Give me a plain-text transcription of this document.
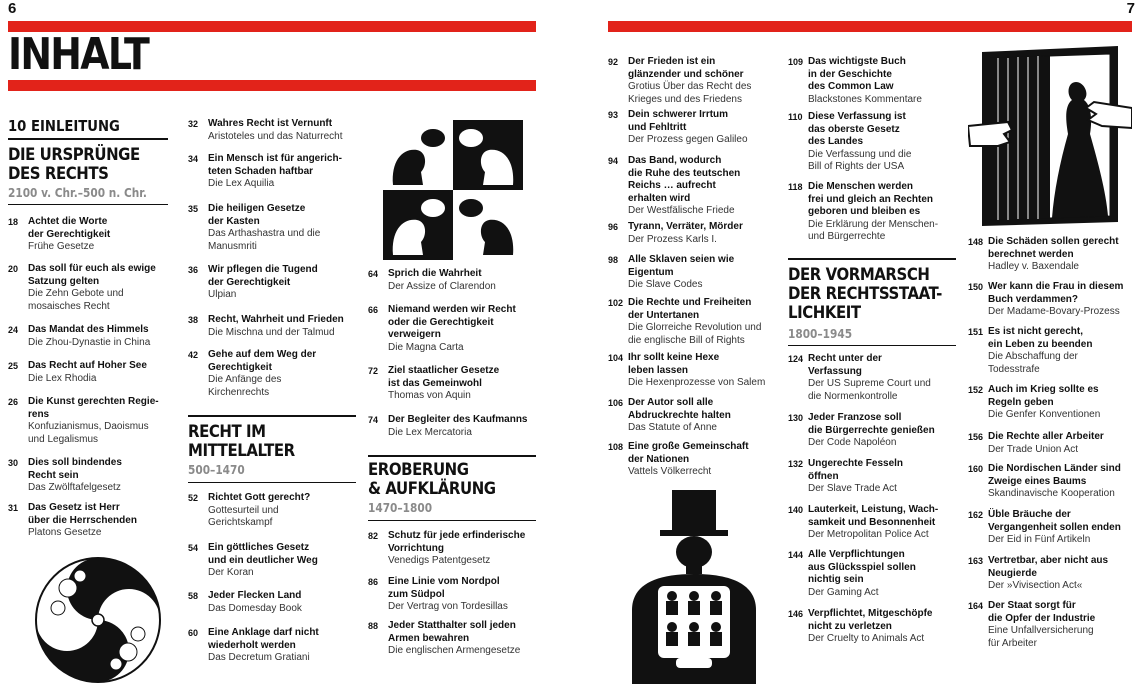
6	7
INHALT
10 EINLEITUNG
DIE URSPRÜNGE
DES RECHTS
2100 v. Chr.–500 n. Chr.
18 Achtet die Worte
der Gerechtigkeit
Frühe Gesetze
20 Das soll für euch als ewige
Satzung gelten
Die Zehn Gebote und
mosaisches Recht
24 Das Mandat des Himmels
Die Zhou-Dynastie in China
25 Das Recht auf Hoher See
Die Lex Rhodia
26 Die Kunst gerechten Regie-
rens
Konfuzianismus, Daoismus
und Legalismus
30 Dies soll bindendes
Recht sein
Das Zwölftafelgesetz
31 Das Gesetz ist Herr
über die Herrschenden
Platons Gesetze
32 Wahres Recht ist Vernunft
Aristoteles und das Naturrecht
34 Ein Mensch ist für angerich-
teten Schaden haftbar
Die Lex Aquilia
35 Die heiligen Gesetze
der Kasten
Das Arthashastra und die
Manusmriti
36 Wir pflegen die Tugend
der Gerechtigkeit
Ulpian
38 Recht, Wahrheit und Frieden
Die Mischna und der Talmud
42 Gehe auf dem Weg der
Gerechtigkeit
Die Anfänge des
Kirchenrechts
RECHT IM
MITTELALTER
500–1470
52 Richtet Gott gerecht?
Gottesurteil und
Gerichtskampf
54 Ein göttliches Gesetz
und ein deutlicher Weg
Der Koran
58 Jeder Flecken Land
Das Domesday Book
60 Eine Anklage darf nicht
wiederholt werden
Das Decretum Gratiani
64 Sprich die Wahrheit
Der Assize of Clarendon
66 Niemand werden wir Recht
oder die Gerechtigkeit
verweigern
Die Magna Carta
72 Ziel staatlicher Gesetze
ist das Gemeinwohl
Thomas von Aquin
74 Der Begleiter des Kaufmanns
Die Lex Mercatoria
EROBERUNG
& AUFKLÄRUNG
1470–1800
82 Schutz für jede erfinderische
Vorrichtung
Venedigs Patentgesetz
86 Eine Linie vom Nordpol
zum Südpol
Der Vertrag von Tordesillas
88 Jeder Statthalter soll jeden
Armen bewahren
Die englischen Armengesetze
92 Der Frieden ist ein
glänzender und schöner
Grotius Über das Recht des
Krieges und des Friedens
93 Dein schwerer Irrtum
und Fehltritt
Der Prozess gegen Galileo
94 Das Band, wodurch
die Ruhe des teutschen
Reichs … aufrecht
erhalten wird
Der Westfälische Friede
96 Tyrann, Verräter, Mörder
Der Prozess Karls I.
98 Alle Sklaven seien wie
Eigentum
Die Slave Codes
102 Die Rechte und Freiheiten
der Untertanen
Die Glorreiche Revolution und
die englische Bill of Rights
104 Ihr sollt keine Hexe
leben lassen
Die Hexenprozesse von Salem
106 Der Autor soll alle
Abdruckrechte halten
Das Statute of Anne
108 Eine große Gemeinschaft
der Nationen
Vattels Völkerrecht
109 Das wichtigste Buch
in der Geschichte
des Common Law
Blackstones Kommentare
110 Diese Verfassung ist
das oberste Gesetz
des Landes
Die Verfassung und die
Bill of Rights der USA
118 Die Menschen werden
frei und gleich an Rechten
geboren und bleiben es
Die Erklärung der Menschen-
und Bürgerrechte
DER VORMARSCH
DER RECHTSSTAAT-
LICHKEIT
1800–1945
124 Recht unter der
Verfassung
Der US Supreme Court und
die Normenkontrolle
130 Jeder Franzose soll
die Bürgerrechte genießen
Der Code Napoléon
132 Ungerechte Fesseln
öffnen
Der Slave Trade Act
140 Lauterkeit, Leistung, Wach-
samkeit und Besonnenheit
Der Metropolitan Police Act
144 Alle Verpflichtungen
aus Glücksspiel sollen
nichtig sein
Der Gaming Act
146 Verpflichtet, Mitgeschöpfe
nicht zu verletzen
Der Cruelty to Animals Act
148 Die Schäden sollen gerecht
berechnet werden
Hadley v. Baxendale
150 Wer kann die Frau in diesem
Buch verdammen?
Der Madame-Bovary-Prozess
151 Es ist nicht gerecht,
ein Leben zu beenden
Die Abschaffung der
Todesstrafe
152 Auch im Krieg sollte es
Regeln geben
Die Genfer Konventionen
156 Die Rechte aller Arbeiter
Der Trade Union Act
160 Die Nordischen Länder sind
Zweige eines Baums
Skandinavische Kooperation
162 Üble Bräuche der
Vergangenheit sollen enden
Der Eid in Fünf Artikeln
163 Vertretbar, aber nicht aus
Neugierde
Der »Vivisection Act«
164 Der Staat sorgt für
die Opfer der Industrie
Eine Unfallversicherung
für Arbeiter
